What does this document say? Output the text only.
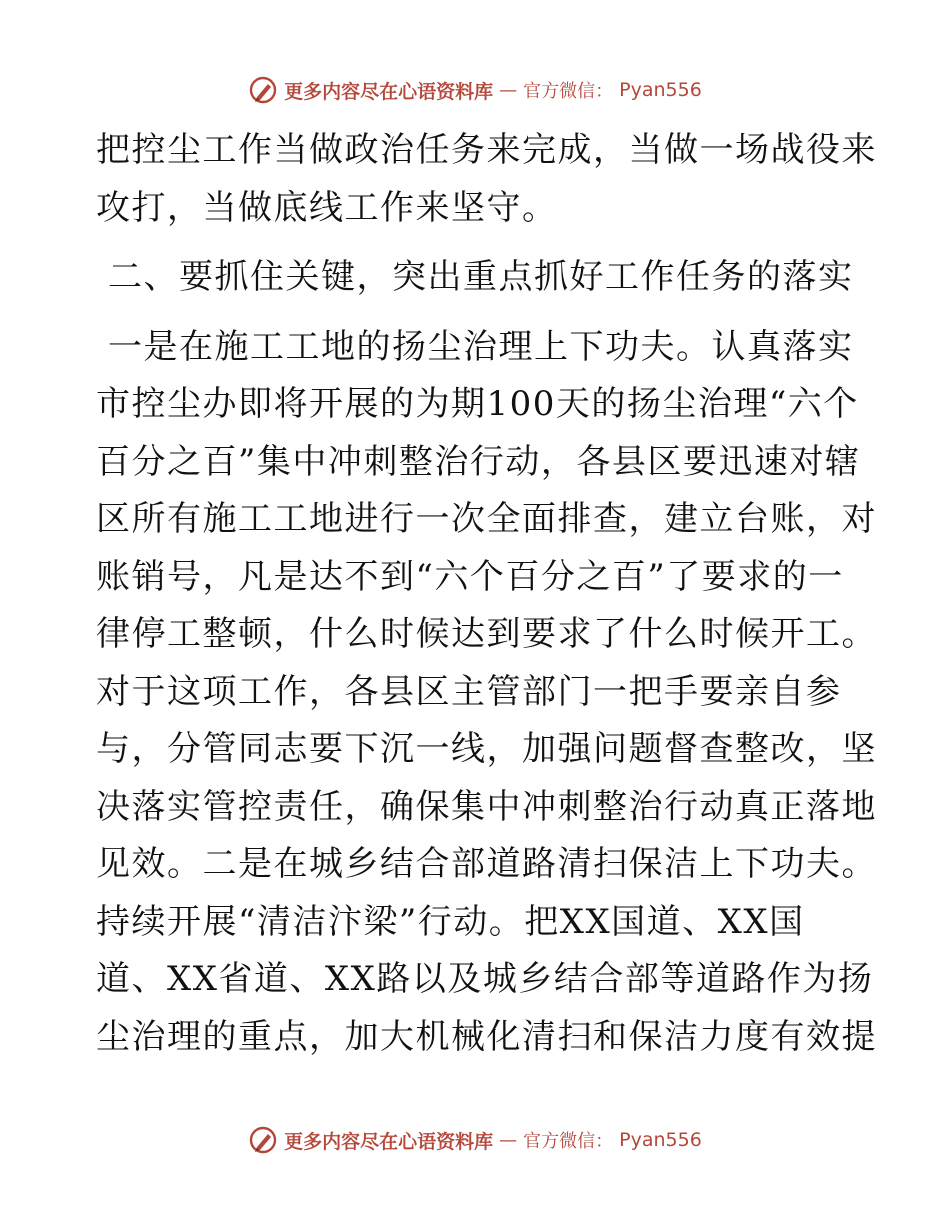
更多内容尽在心语资料库 — 官方微信： Pyan556
把控尘工作当做政治任务来完成，当做一场战役来
攻打，当做底线工作来坚守。
二、要抓住关键，突出重点抓好工作任务的落实
一是在施工工地的扬尘治理上下功夫。认真落实
市控尘办即将开展的为期100天的扬尘治理“六个
百分之百”集中冲刺整治行动，各县区要迅速对辖
区所有施工工地进行一次全面排查，建立台账，对
账销号，凡是达不到“六个百分之百”了要求的一
律停工整顿，什么时候达到要求了什么时候开工。
对于这项工作，各县区主管部门一把手要亲自参
与，分管同志要下沉一线，加强问题督查整改，坚
决落实管控责任，确保集中冲刺整治行动真正落地
见效。二是在城乡结合部道路清扫保洁上下功夫。
持续开展“清洁汴梁”行动。把XX国道、XX国
道、XX省道、XX路以及城乡结合部等道路作为扬
尘治理的重点，加大机械化清扫和保洁力度有效提
更多内容尽在心语资料库 — 官方微信： Pyan556
